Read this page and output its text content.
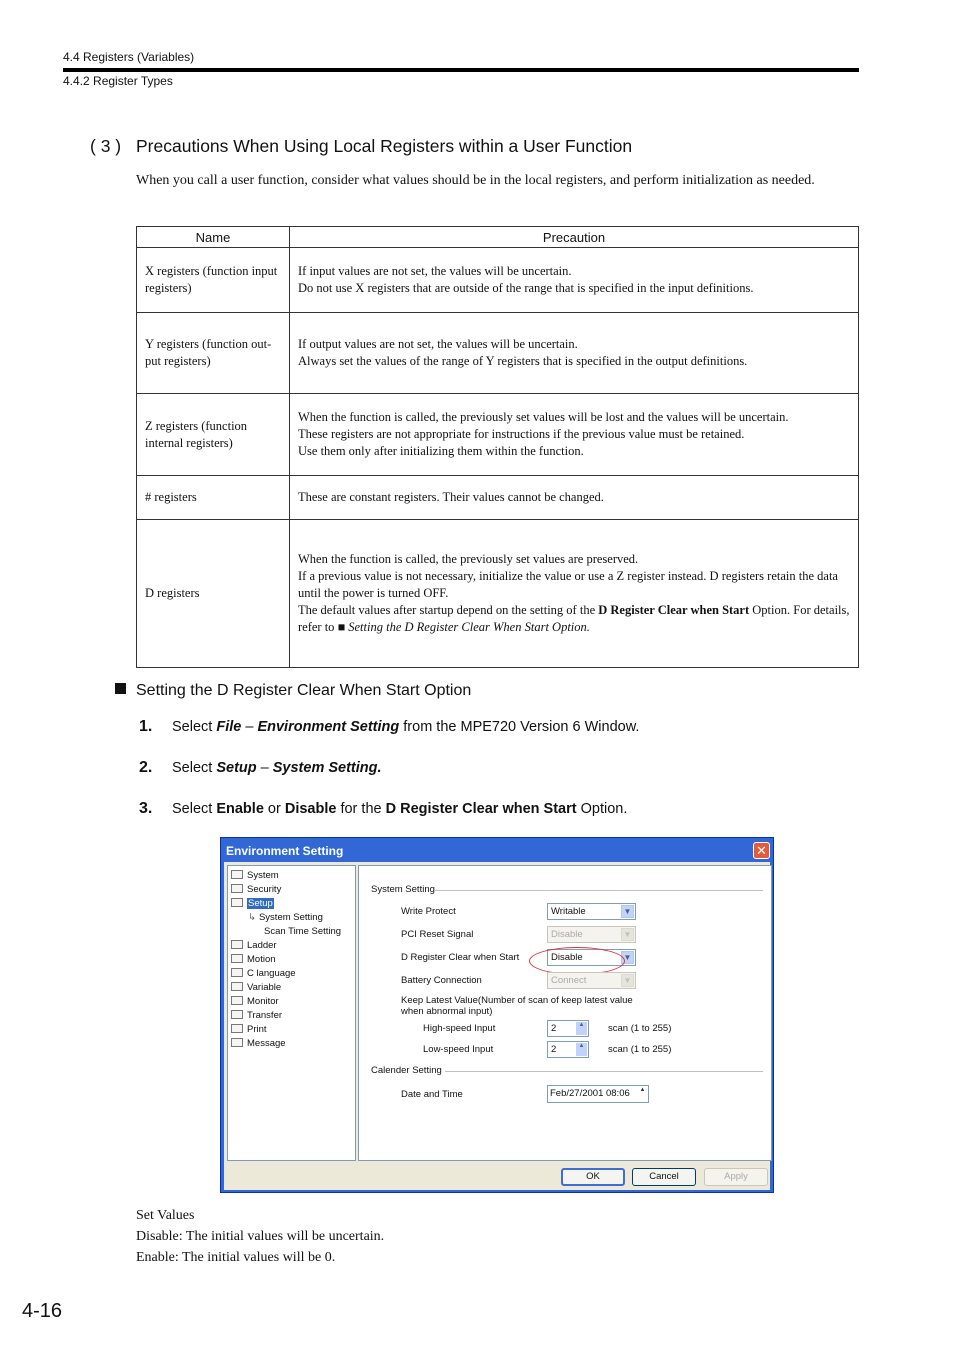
4.4 Registers (Variables)
4.4.2 Register Types
( 3 ) Precautions When Using Local Registers within a User Function
When you call a user function, consider what values should be in the local registers, and perform initialization as needed.
Name	Precaution
X registers (function input registers)	If input values are not set, the values will be uncertain.
Do not use X registers that are outside of the range that is specified in the input definitions.

Y registers (function out-put registers)	If output values are not set, the values will be uncertain.
Always set the values of the range of Y registers that is specified in the output definitions.

Z registers (function internal registers)	When the function is called, the previously set values will be lost and the values will be uncertain.
These registers are not appropriate for instructions if the previous value must be retained.
Use them only after initializing them within the function.

# registers	These are constant registers. Their values cannot be changed.

D registers	When the function is called, the previously set values are preserved.
If a previous value is not necessary, initialize the value or use a Z register instead. D registers retain the data until the power is turned OFF.
The default values after startup depend on the setting of the D Register Clear when Start Option. For details, refer to ■ Setting the D Register Clear When Start Option.
Setting the D Register Clear When Start Option
1. Select File – Environment Setting from the MPE720 Version 6 Window.
2. Select Setup – System Setting.
3. Select Enable or Disable for the D Register Clear when Start Option.
Environment Setting	✕
System
Security
Setup
↳ System Setting
Scan Time Setting
Ladder
Motion
C language
Variable
Monitor
Transfer
Print
Message
System Setting
Write Protect	Writable	▼
PCI Reset Signal	Disable	▼
D Register Clear when Start	Disable	▼
Battery Connection	Connect	▼
Keep Latest Value(Number of scan of keep latest value when abnormal input)
High-speed Input	2	▲ scan (1 to 255)
Low-speed Input	2	▲ scan (1 to 255)
Calender Setting
Date and Time	Feb/27/2001 08:06 ▲
OK	Cancel	Apply
Set Values
Disable: The initial values will be uncertain.
Enable: The initial values will be 0.
4-16
